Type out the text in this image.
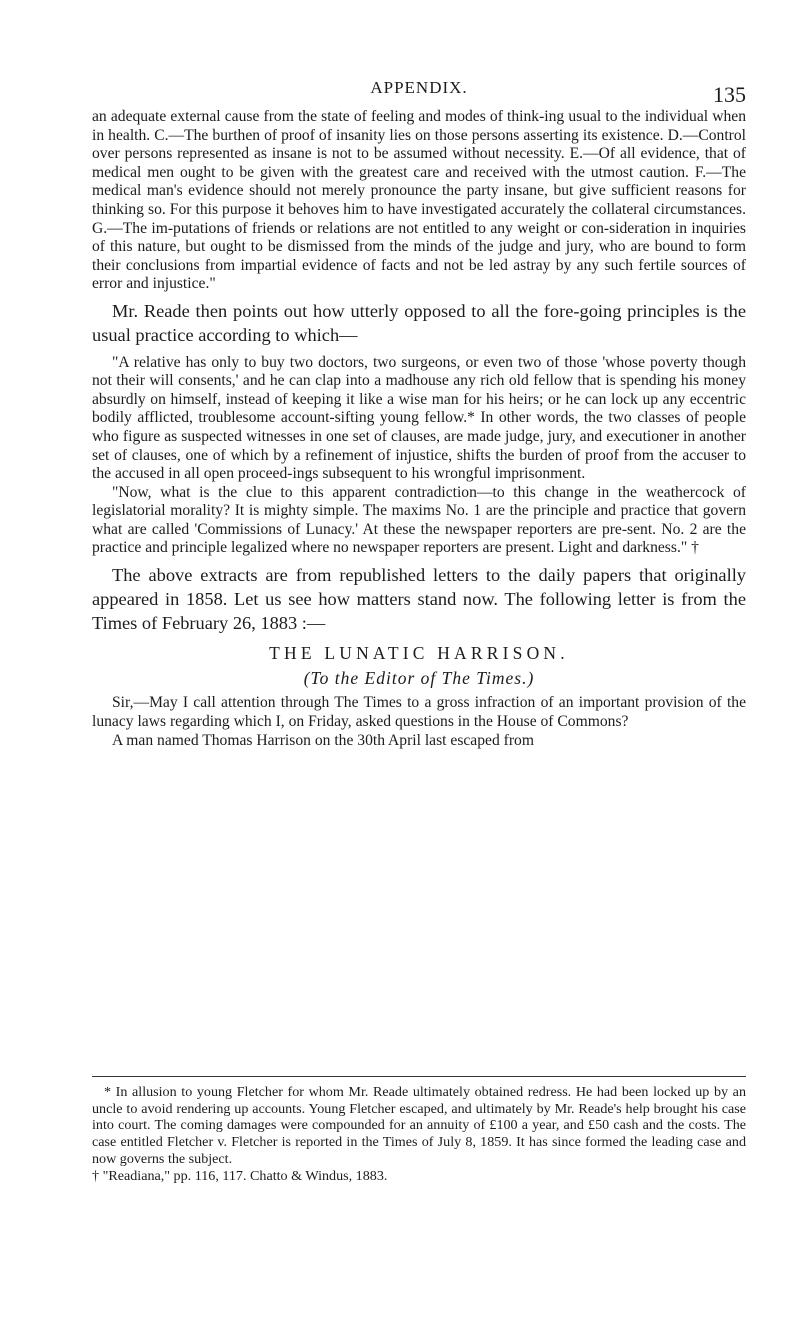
APPENDIX.	135

an adequate external cause from the state of feeling and modes of think-ing usual to the individual when in health. C.—The burthen of proof of insanity lies on those persons asserting its existence. D.—Control over persons represented as insane is not to be assumed without necessity. E.—Of all evidence, that of medical men ought to be given with the greatest care and received with the utmost caution. F.—The medical man's evidence should not merely pronounce the party insane, but give sufficient reasons for thinking so. For this purpose it behoves him to have investigated accurately the collateral circumstances. G.—The im-putations of friends or relations are not entitled to any weight or con-sideration in inquiries of this nature, but ought to be dismissed from the minds of the judge and jury, who are bound to form their conclusions from impartial evidence of facts and not be led astray by any such fertile sources of error and injustice."

Mr. Reade then points out how utterly opposed to all the fore-going principles is the usual practice according to which—

"A relative has only to buy two doctors, two surgeons, or even two of those 'whose poverty though not their will consents,' and he can clap into a madhouse any rich old fellow that is spending his money absurdly on himself, instead of keeping it like a wise man for his heirs; or he can lock up any eccentric bodily afflicted, troublesome account-sifting young fellow.* In other words, the two classes of people who figure as suspected witnesses in one set of clauses, are made judge, jury, and executioner in another set of clauses, one of which by a refinement of injustice, shifts the burden of proof from the accuser to the accused in all open proceed-ings subsequent to his wrongful imprisonment.

"Now, what is the clue to this apparent contradiction—to this change in the weathercock of legislatorial morality? It is mighty simple. The maxims No. 1 are the principle and practice that govern what are called 'Commissions of Lunacy.' At these the newspaper reporters are pre-sent. No. 2 are the practice and principle legalized where no newspaper reporters are present. Light and darkness." †

The above extracts are from republished letters to the daily papers that originally appeared in 1858. Let us see how matters stand now. The following letter is from the Times of February 26, 1883 :—

THE LUNATIC HARRISON.
(To the Editor of The Times.)

Sir,—May I call attention through The Times to a gross infraction of an important provision of the lunacy laws regarding which I, on Friday, asked questions in the House of Commons?

A man named Thomas Harrison on the 30th April last escaped from

* In allusion to young Fletcher for whom Mr. Reade ultimately obtained redress. He had been locked up by an uncle to avoid rendering up accounts. Young Fletcher escaped, and ultimately by Mr. Reade's help brought his case into court. The coming damages were compounded for an annuity of £100 a year, and £50 cash and the costs. The case entitled Fletcher v. Fletcher is reported in the Times of July 8, 1859. It has since formed the leading case and now governs the subject.

† "Readiana," pp. 116, 117. Chatto & Windus, 1883.
